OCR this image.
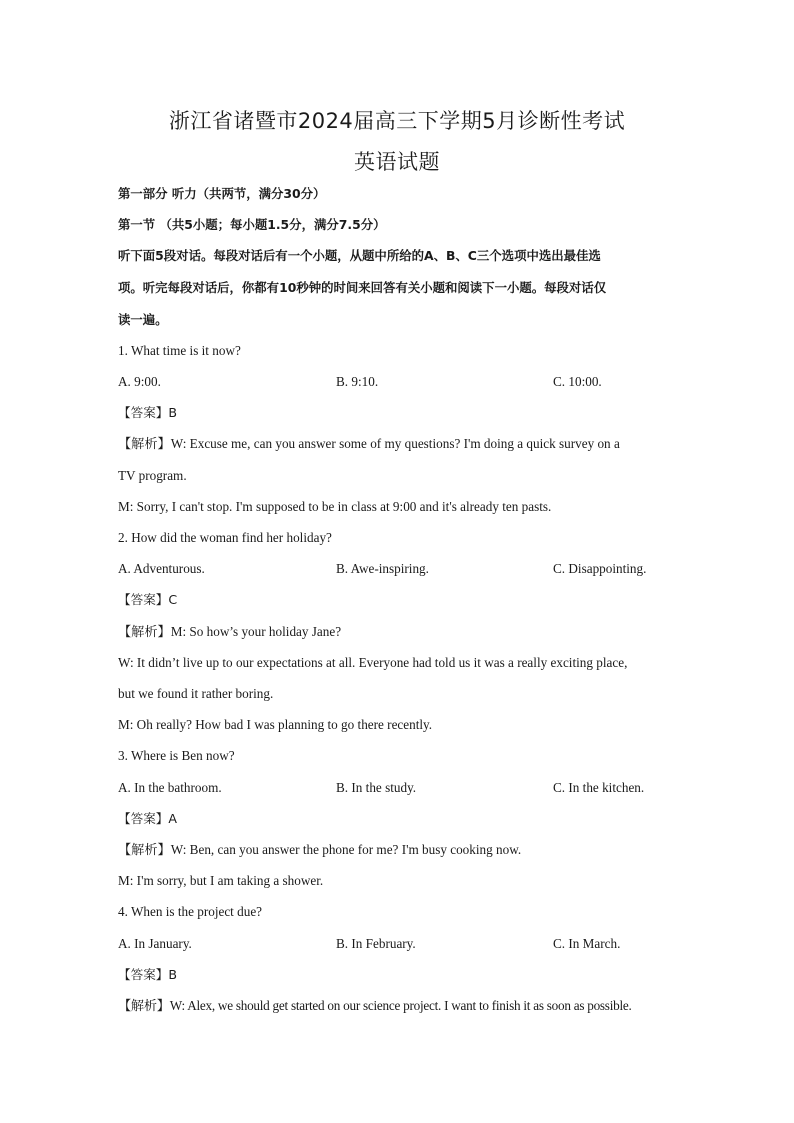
浙江省诸暨市2024届高三下学期5月诊断性考试
英语试题
第一部分 听力（共两节，满分30分）
第一节 （共5小题；每小题1.5分，满分7.5分）
听下面5段对话。每段对话后有一个小题，从题中所给的A、B、C三个选项中选出最佳选
项。听完每段对话后，你都有10秒钟的时间来回答有关小题和阅读下一小题。每段对话仅
读一遍。
1. What time is it now?
A. 9:00.	B. 9:10.	C. 10:00.
【答案】B
【解析】W: Excuse me, can you answer some of my questions? I'm doing a quick survey on a
TV program.
M: Sorry, I can't stop. I'm supposed to be in class at 9:00 and it's already ten pasts.
2. How did the woman find her holiday?
A. Adventurous.	B. Awe-inspiring.	C. Disappointing.
【答案】C
【解析】M: So how’s your holiday Jane?
W: It didn’t live up to our expectations at all. Everyone had told us it was a really exciting place,
but we found it rather boring.
M: Oh really? How bad I was planning to go there recently.
3. Where is Ben now?
A. In the bathroom.	B. In the study.	C. In the kitchen.
【答案】A
【解析】W: Ben, can you answer the phone for me? I'm busy cooking now.
M: I'm sorry, but I am taking a shower.
4. When is the project due?
A. In January.	B. In February.	C. In March.
【答案】B
【解析】W: Alex, we should get started on our science project. I want to finish it as soon as possible.
